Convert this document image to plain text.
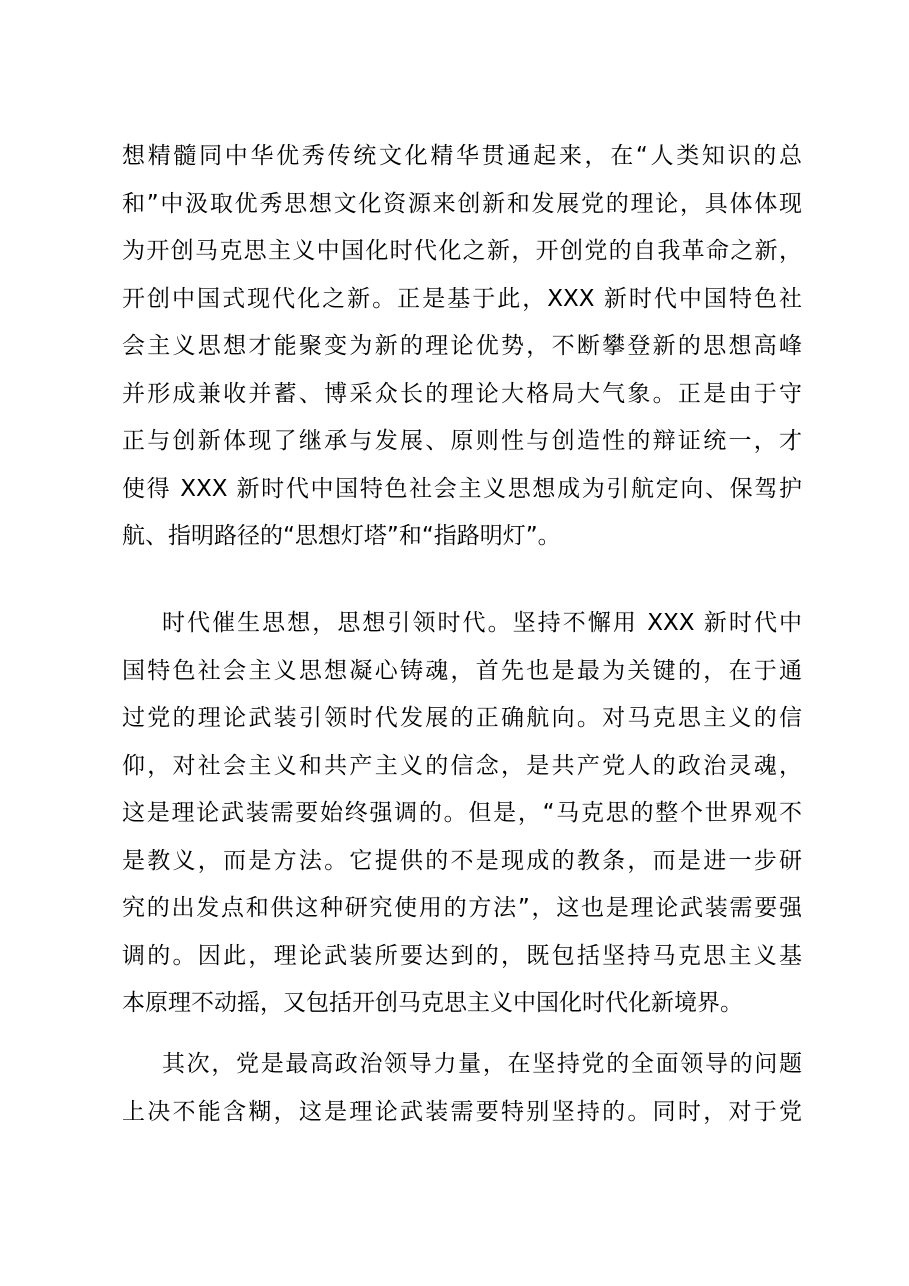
想精髓同中华优秀传统文化精华贯通起来，在“人类知识的总
和”中汲取优秀思想文化资源来创新和发展党的理论，具体体现
为开创马克思主义中国化时代化之新，开创党的自我革命之新，
开创中国式现代化之新。正是基于此，XXX 新时代中国特色社
会主义思想才能聚变为新的理论优势，不断攀登新的思想高峰
并形成兼收并蓄、博采众长的理论大格局大气象。正是由于守
正与创新体现了继承与发展、原则性与创造性的辩证统一，才
使得 XXX 新时代中国特色社会主义思想成为引航定向、保驾护
航、指明路径的“思想灯塔”和“指路明灯”。
时代催生思想，思想引领时代。坚持不懈用 XXX 新时代中
国特色社会主义思想凝心铸魂，首先也是最为关键的，在于通
过党的理论武装引领时代发展的正确航向。对马克思主义的信
仰，对社会主义和共产主义的信念，是共产党人的政治灵魂，
这是理论武装需要始终强调的。但是，“马克思的整个世界观不
是教义，而是方法。它提供的不是现成的教条，而是进一步研
究的出发点和供这种研究使用的方法”，这也是理论武装需要强
调的。因此，理论武装所要达到的，既包括坚持马克思主义基
本原理不动摇，又包括开创马克思主义中国化时代化新境界。
其次，党是最高政治领导力量，在坚持党的全面领导的问题
上决不能含糊，这是理论武装需要特别坚持的。同时，对于党
